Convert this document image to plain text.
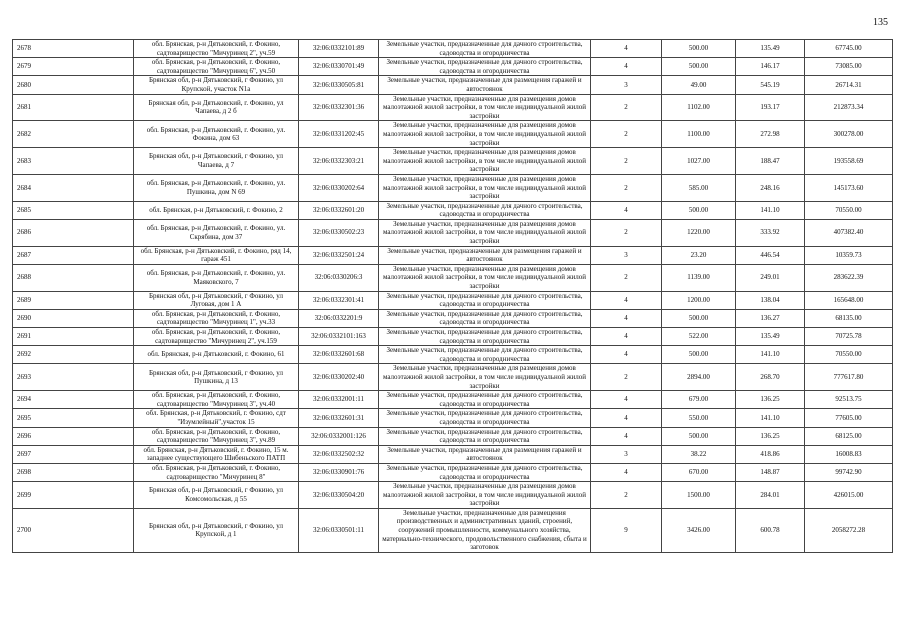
135
2678	обл. Брянская, р-н Дятьковский, г. Фокино, садтоварищество "Мичуринец 2", уч.59	32:06:0332101:89	Земельные участки, предназначенные для дачного строительства, садоводства и огородничества	4	500.00	135.49	67745.00
2679	обл. Брянская, р-н Дятьковский, г. Фокино, садтоварищество "Мичуринец 6", уч.50	32:06:0330701:49	Земельные участки, предназначенные для дачного строительства, садоводства и огородничества	4	500.00	146.17	73085.00
2680	Брянская обл, р-н Дятьковский, г Фокино, ул Крупской, участок N1а	32:06:0330505:81	Земельные участки, предназначенные для размещения гаражей и автостоянок	3	49.00	545.19	26714.31
2681	Брянская обл, р-н Дятьковский, г. Фокино, ул Чапаева, д 2 б	32:06:0332301:36	Земельные участки, предназначенные для размещения домов малоэтажной жилой застройки, в том числе индивидуальной жилой застройки	2	1102.00	193.17	212873.34
2682	обл. Брянская, р-н Дятьковский, г. Фокино, ул. Фокина, дом 63	32:06:0331202:45	Земельные участки, предназначенные для размещения домов малоэтажной жилой застройки, в том числе индивидуальной жилой застройки	2	1100.00	272.98	300278.00
2683	Брянская обл, р-н Дятьковский, г Фокино, ул Чапаева, д 7	32:06:0332303:21	Земельные участки, предназначенные для размещения домов малоэтажной жилой застройки, в том числе индивидуальной жилой застройки	2	1027.00	188.47	193558.69
2684	обл. Брянская, р-н Дятьковский, г. Фокино, ул. Пушкина, дом N 69	32:06:0330202:64	Земельные участки, предназначенные для размещения домов малоэтажной жилой застройки, в том числе индивидуальной жилой застройки	2	585.00	248.16	145173.60
2685	обл. Брянская, р-н Дятьковский, г. Фокино, 2	32:06:0332601:20	Земельные участки, предназначенные для дачного строительства, садоводства и огородничества	4	500.00	141.10	70550.00
2686	обл. Брянская, р-н Дятьковский, г. Фокино, ул. Скрябина, дом 37	32:06:0330502:23	Земельные участки, предназначенные для размещения домов малоэтажной жилой застройки, в том числе индивидуальной жилой застройки	2	1220.00	333.92	407382.40
2687	обл. Брянская, р-н Дятьковский, г. Фокино, ряд 14, гараж 451	32:06:0332501:24	Земельные участки, предназначенные для размещения гаражей и автостоянок	3	23.20	446.54	10359.73
2688	обл. Брянская, р-н Дятьковский, г. Фокино, ул. Маяковского, 7	32:06:0330206:3	Земельные участки, предназначенные для размещения домов малоэтажной жилой застройки, в том числе индивидуальной жилой застройки	2	1139.00	249.01	283622.39
2689	Брянская обл, р-н Дятьковский, г Фокино, ул Луговая, дом 1 А	32:06:0332301:41	Земельные участки, предназначенные для дачного строительства, садоводства и огородничества	4	1200.00	138.04	165648.00
2690	обл. Брянская, р-н Дятьковский, г. Фокино, садтоварищество "Мичуринец 1", уч.33	32:06:0332201:9	Земельные участки, предназначенные для дачного строительства, садоводства и огородничества	4	500.00	136.27	68135.00
2691	обл. Брянская, р-н Дятьковский, г. Фокино, садтоварищество "Мичуринец 2", уч.159	32:06:0332101:163	Земельные участки, предназначенные для дачного строительства, садоводства и огородничества	4	522.00	135.49	70725.78
2692	обл. Брянская, р-н Дятьковский, г. Фокино, 61	32:06:0332601:68	Земельные участки, предназначенные для дачного строительства, садоводства и огородничества	4	500.00	141.10	70550.00
2693	Брянская обл, р-н Дятьковский, г Фокино, ул Пушкина, д 13	32:06:0330202:40	Земельные участки, предназначенные для размещения домов малоэтажной жилой застройки, в том числе индивидуальной жилой застройки	2	2894.00	268.70	777617.80
2694	обл. Брянская, р-н Дятьковский, г. Фокино, садтоварищество "Мичуринец 3", уч.40	32:06:0332001:11	Земельные участки, предназначенные для дачного строительства, садоводства и огородничества	4	679.00	136.25	92513.75
2695	обл. Брянская, р-н Дятьковский, г. Фокино, сдт "Изумлейный",участок 15	32:06:0332601:31	Земельные участки, предназначенные для дачного строительства, садоводства и огородничества	4	550.00	141.10	77605.00
2696	обл. Брянская, р-н Дятьковский, г. Фокино, садтоварищество "Мичуринец 3", уч.89	32:06:0332001:126	Земельные участки, предназначенные для дачного строительства, садоводства и огородничества	4	500.00	136.25	68125.00
2697	обл. Брянская, р-н Дятьковский, г. Фокино, 15 м. западнее существующего Шибеньского ПАТП	32:06:0332502:32	Земельные участки, предназначенные для размещения гаражей и автостоянок	3	38.22	418.86	16008.83
2698	обл. Брянская, р-н Дятьковский, г. Фокино, садтоварищество "Мичуринец 8"	32:06:0330901:76	Земельные участки, предназначенные для дачного строительства, садоводства и огородничества	4	670.00	148.87	99742.90
2699	Брянская обл, р-н Дятьковский, г Фокино, ул Комсомольская, д 55	32:06:0330504:20	Земельные участки, предназначенные для размещения домов малоэтажной жилой застройки, в том числе индивидуальной жилой застройки	2	1500.00	284.01	426015.00
2700	Брянская обл, р-н Дятьковский, г Фокино, ул Крупской, д 1	32:06:0330501:11	Земельные участки, предназначенные для размещения производственных и административных зданий, строений, сооружений промышленности, коммунального хозяйства, материально-технического, продовольственного снабжения, сбыта и заготовок	9	3426.00	600.78	2058272.28
